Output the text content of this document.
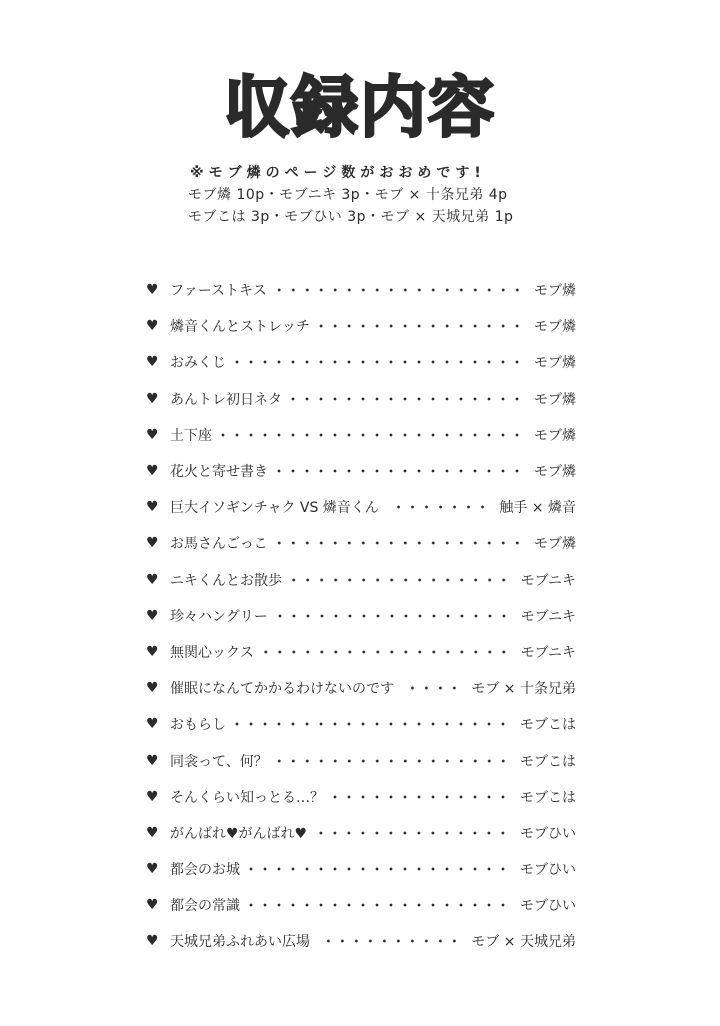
収録内容
※モブ燐のページ数がおおめです!
モブ燐 10p・モブニキ 3p・モブ × 十条兄弟 4p
モブこは 3p・モブひい 3p・モブ × 天城兄弟 1p
♥ ファーストキス	モブ燐
♥ 燐音くんとストレッチ	モブ燐
♥ おみくじ	モブ燐
♥ あんトレ初日ネタ	モブ燐
♥ 土下座	モブ燐
♥ 花火と寄せ書き	モブ燐
♥ 巨大イソギンチャク VS 燐音くん	触手 × 燐音
♥ お馬さんごっこ	モブ燐
♥ ニキくんとお散歩	モブニキ
♥ 珍々ハングリー	モブニキ
♥ 無関心ックス	モブニキ
♥ 催眠になんてかかるわけないのです	モブ × 十条兄弟
♥ おもらし	モブこは
♥ 同衾って、何？	モブこは
♥ そんくらい知っとる…？	モブこは
♥ がんばれ♥がんばれ♥	モブひい
♥ 都会のお城	モブひい
♥ 都会の常識	モブひい
♥ 天城兄弟ふれあい広場	モブ × 天城兄弟
